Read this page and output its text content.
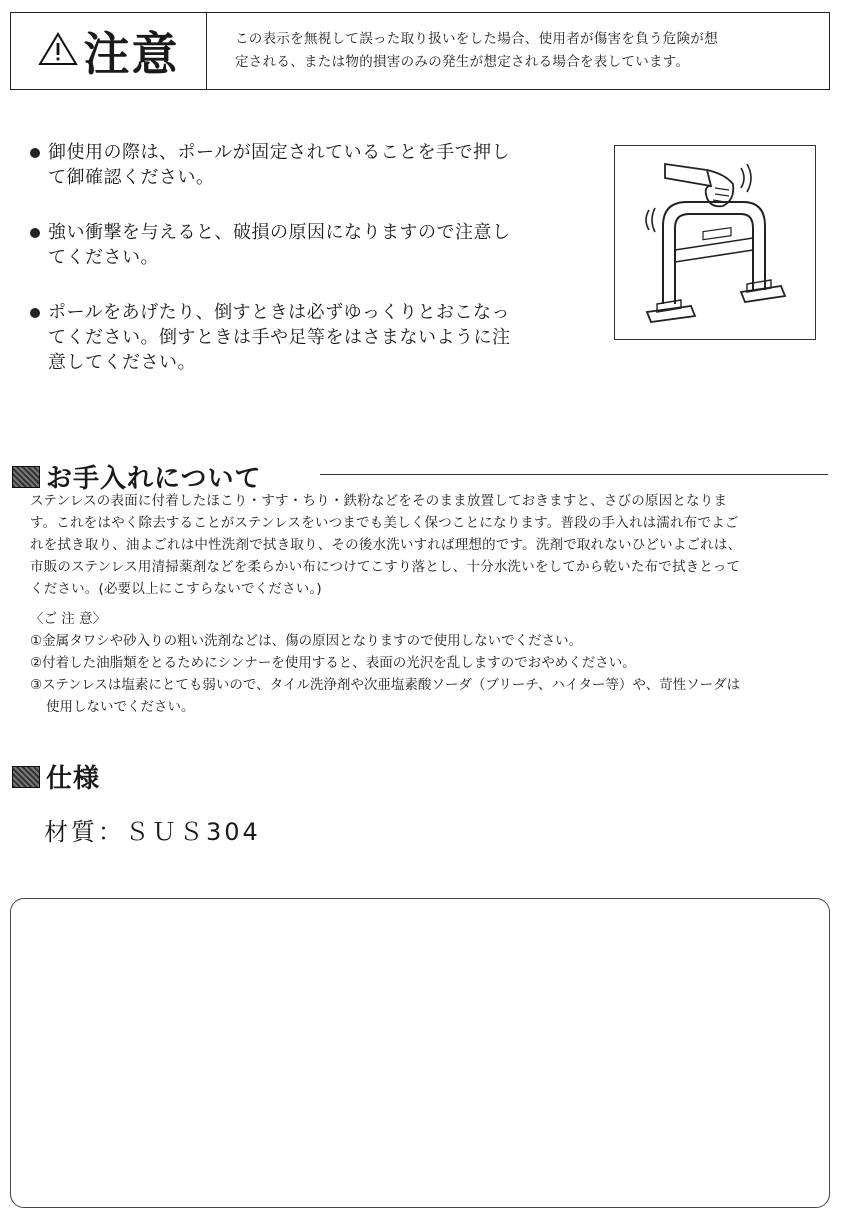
注意	この表示を無視して誤った取り扱いをした場合、使用者が傷害を負う危険が想
定される、または物的損害のみの発生が想定される場合を表しています。
御使用の際は、ポールが固定されていることを手で押し
て御確認ください。
強い衝撃を与えると、破損の原因になりますので注意し
てください。
ポールをあげたり、倒すときは必ずゆっくりとおこなっ
てください。倒すときは手や足等をはさまないように注
意してください。
お手入れについて
ステンレスの表面に付着したほこり・すす・ちり・鉄粉などをそのまま放置しておきますと、さびの原因となりま
す。これをはやく除去することがステンレスをいつまでも美しく保つことになります。普段の手入れは濡れ布でよご
れを拭き取り、油よごれは中性洗剤で拭き取り、その後水洗いすれば理想的です。洗剤で取れないひどいよごれは、
市販のステンレス用清掃薬剤などを柔らかい布につけてこすり落とし、十分水洗いをしてから乾いた布で拭きとって
ください。(必要以上にこすらないでください。)

〈ご 注 意〉

①金属タワシや砂入りの粗い洗剤などは、傷の原因となりますので使用しないでください。

②付着した油脂類をとるためにシンナーを使用すると、表面の光沢を乱しますのでおやめください。

③ステンレスは塩素にとても弱いので、タイル洗浄剤や次亜塩素酸ソーダ（ブリーチ、ハイター等）や、苛性ソーダは

使用しないでください。

仕様
材質：ＳＵＳ304
